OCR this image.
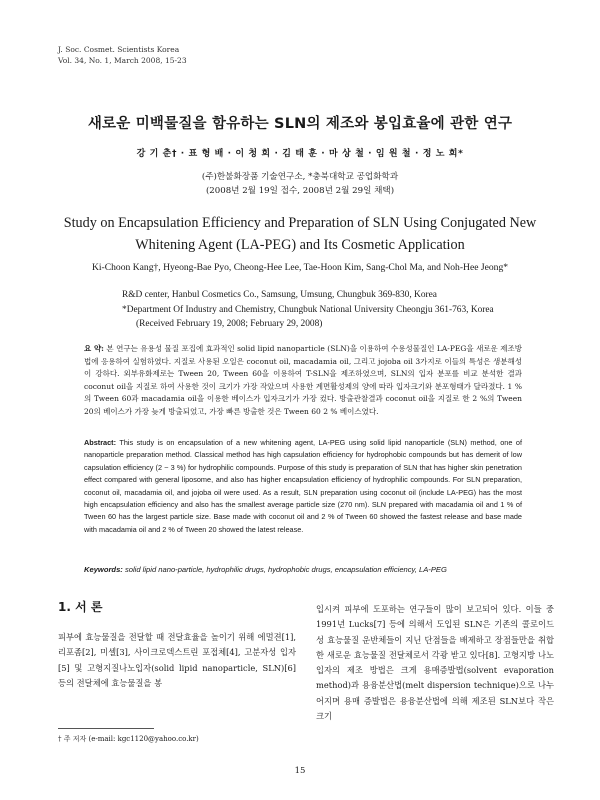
J. Soc. Cosmet. Scientists Korea
Vol. 34, No. 1, March 2008, 15-23
새로운 미백물질을 함유하는 SLN의 제조와 봉입효율에 관한 연구
강 기 춘† · 표 형 배 · 이 청 희 · 김 태 훈 · 마 상 철 · 임 원 철 · 정 노 희*
(주)한불화장품 기술연구소, *충북대학교 공업화학과
(2008년 2월 19일 접수, 2008년 2월 29일 채택)
Study on Encapsulation Efficiency and Preparation of SLN Using Conjugated New
Whitening Agent (LA-PEG) and Its Cosmetic Application
Ki-Choon Kang†, Hyeong-Bae Pyo, Cheong-Hee Lee, Tae-Hoon Kim, Sang-Chol Ma, and Noh-Hee Jeong*
R&D center, Hanbul Cosmetics Co., Samsung, Umsung, Chungbuk 369-830, Korea
*Department Of Industry and Chemistry, Chungbuk National University Cheongju 361-763, Korea
(Received February 19, 2008; February 29, 2008)
요 약: 본 연구는 유용성 물질 포집에 효과적인 solid lipid nanoparticle (SLN)을 이용하여 수용성물질인 LA-PEG을 새로운 제조방법에 응용하여 실험하였다. 지질로 사용된 오일은 coconut oil, macadamia oil, 그리고 jojoba oil 3가지로 이들의 특성은 생분해성이 강하다. 외부유화제로는 Tween 20, Tween 60을 이용하여 T-SLN을 제조하였으며, SLN의 입자 분포를 비교 분석한 결과 coconut oil을 지질로 하여 사용한 것이 크기가 가장 작았으며 사용한 계면활성제의 양에 따라 입자크기와 분포형태가 달라졌다. 1 %의 Tween 60과 macadamia oil을 이용한 베이스가 입자크기가 가장 컸다. 방출관찰결과 coconut oil을 지질로 한 2 %의 Tween 20의 베이스가 가장 늦게 방출되었고, 가장 빠른 방출한 것은 Tween 60 2 % 베이스였다.
Abstract: This study is on encapsulation of a new whitening agent, LA-PEG using solid lipid nanoparticle (SLN) method, one of nanoparticle preparation method. Classical method has high capsulation efficiency for hydrophobic compounds but has demerit of low capsulation efficiency (2 ~ 3 %) for hydrophilic compounds. Purpose of this study is preparation of SLN that has higher skin penetration effect compared with general liposome, and also has higher encapsulation efficiency of hydrophilic compounds. For SLN preparation, coconut oil, macadamia oil, and jojoba oil were used. As a result, SLN preparation using coconut oil (include LA-PEG) has the most high encapsulation efficiency and also has the smallest average particle size (270 nm). SLN prepared with macadamia oil and 1 % of Tween 60 has the largest particle size. Base made with coconut oil and 2 % of Tween 60 showed the fastest release and base made with macadamia oil and 2 % of Tween 20 showed the latest release.
Keywords: solid lipid nano-particle, hydrophilic drugs, hydrophobic drugs, encapsulation efficiency, LA-PEG
1. 서 론
피부에 효능물질을 전달할 때 전달효율을 높이기 위해 에멀젼[1], 리포좀[2], 미셀[3], 사이크로덱스트린 포접체[4], 고분자성 입자[5] 및 고형지질나노입자(solid lipid nanoparticle, SLN)[6] 등의 전달체에 효능물질을 봉
입시켜 피부에 도포하는 연구들이 많이 보고되어 있다. 이들 중 1991년 Lucks[7] 등에 의해서 도입된 SLN은 기존의 콜로이드성 효능물질 운반체들이 지닌 단점들을 배제하고 장점들만을 취합한 새로운 효능물질 전달체로서 각광 받고 있다[8]. 고형지방 나노입자의 제조 방법은 크게 용매증발법(solvent evaporation method)과 용융분산법(melt dispersion technique)으로 나누어지며 용매 증발법은 용융분산법에 의해 제조된 SLN보다 작은 크기
† 주 저자 (e-mail: kgc1120@yahoo.co.kr)
15
